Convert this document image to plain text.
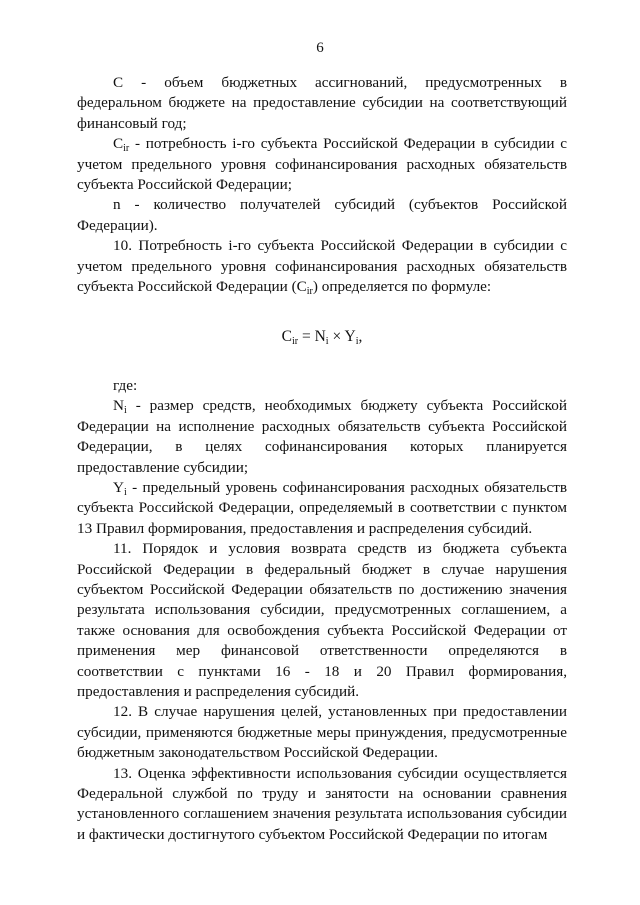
6

C - объем бюджетных ассигнований, предусмотренных в федеральном бюджете на предоставление субсидии на соответствующий финансовый год;

$C_{ir}$ - потребность i-го субъекта Российской Федерации в субсидии с учетом предельного уровня софинансирования расходных обязательств субъекта Российской Федерации;

n - количество получателей субсидий (субъектов Российской Федерации).

10. Потребность i-го субъекта Российской Федерации в субсидии с учетом предельного уровня софинансирования расходных обязательств субъекта Российской Федерации $(C_{ir})$ определяется по формуле:

$C_{ir} = N_i \times Y_i$,

где:

$N_i$ - размер средств, необходимых бюджету субъекта Российской Федерации на исполнение расходных обязательств субъекта Российской Федерации, в целях софинансирования которых планируется предоставление субсидии;

$Y_i$ - предельный уровень софинансирования расходных обязательств субъекта Российской Федерации, определяемый в соответствии с пунктом 13 Правил формирования, предоставления и распределения субсидий.

11. Порядок и условия возврата средств из бюджета субъекта Российской Федерации в федеральный бюджет в случае нарушения субъектом Российской Федерации обязательств по достижению значения результата использования субсидии, предусмотренных соглашением, а также основания для освобождения субъекта Российской Федерации от применения мер финансовой ответственности определяются в соответствии с пунктами 16 - 18 и 20 Правил формирования, предоставления и распределения субсидий.

12. В случае нарушения целей, установленных при предоставлении субсидии, применяются бюджетные меры принуждения, предусмотренные бюджетным законодательством Российской Федерации.

13. Оценка эффективности использования субсидии осуществляется Федеральной службой по труду и занятости на основании сравнения установленного соглашением значения результата использования субсидии и фактически достигнутого субъектом Российской Федерации по итогам
